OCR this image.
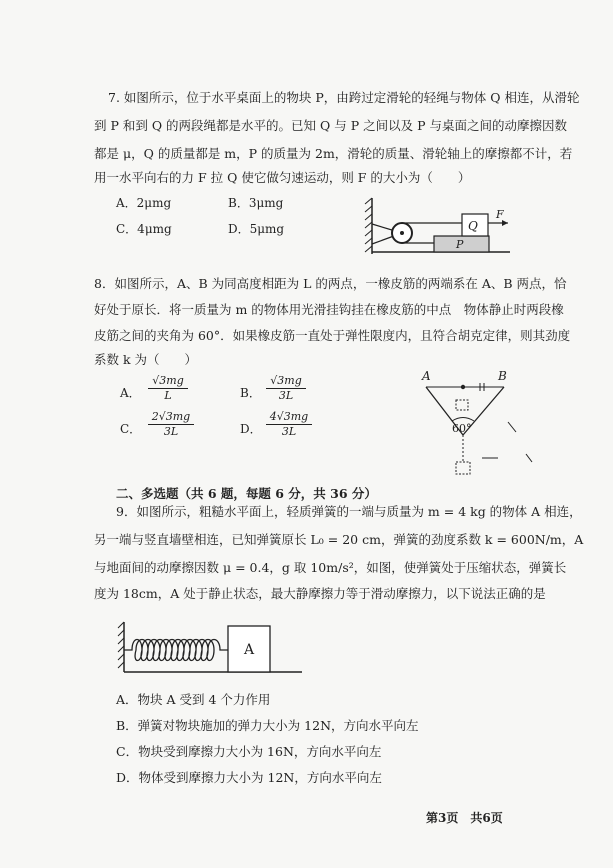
7. 如图所示，位于水平桌面上的物块 P，由跨过定滑轮的轻绳与物体 Q 相连，从滑轮
到 P 和到 Q 的两段绳都是水平的。已知 Q 与 P 之间以及 P 与桌面之间的动摩擦因数
都是 μ，Q 的质量都是 m，P 的质量为 2m，滑轮的质量、滑轮轴上的摩擦都不计，若
用一水平向右的力 F 拉 Q 使它做匀速运动，则 F 的大小为（　　）
A．2μmg	B．3μmg
C．4μmg	D．5μmg
P
Q
F
8．如图所示，A、B 为同高度相距为 L 的两点，一橡皮筋的两端系在 A、B 两点，恰
好处于原长．将一质量为 m 的物体用光滑挂钩挂在橡皮筋的中点　物体静止时两段橡
皮筋之间的夹角为 60°．如果橡皮筋一直处于弹性限度内，且符合胡克定律，则其劲度
系数 k 为（　　）
A． $\frac{√3mg}{L}$	B． $\frac{√3mg}{3L}$
C． $\frac{2√3mg}{3L}$	D． $\frac{4√3mg}{3L}$
A	B
60°
二、多选题（共 6 题，每题 6 分，共 36 分）
9．如图所示，粗糙水平面上，轻质弹簧的一端与质量为 m = 4 kg 的物体 A 相连，
另一端与竖直墙壁相连，已知弹簧原长 L₀ = 20 cm，弹簧的劲度系数 k = 600N/m，A
与地面间的动摩擦因数 μ = 0.4，g 取 10m/s²，如图，使弹簧处于压缩状态，弹簧长
度为 18cm，A 处于静止状态，最大静摩擦力等于滑动摩擦力，以下说法正确的是
A
A．物块 A 受到 4 个力作用
B．弹簧对物块施加的弹力大小为 12N，方向水平向左
C．物块受到摩擦力大小为 16N，方向水平向左
D．物体受到摩擦力大小为 12N，方向水平向左
第3页　共6页
